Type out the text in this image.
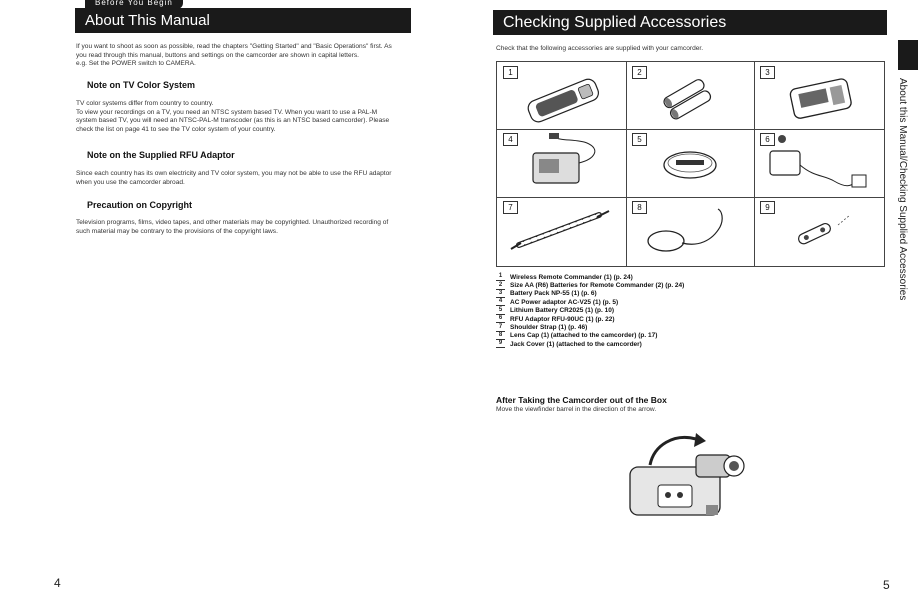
About This Manual
Before You Begin
If you want to shoot as soon as possible, read the chapters "Getting Started" and "Basic Operations" first. As
you read through this manual, buttons and settings on the camcorder are shown in capital letters.
e.g. Set the POWER switch to CAMERA.
Note on TV Color System
TV color systems differ from country to country.
To view your recordings on a TV, you need an NTSC system based TV. When you want to use a PAL-M
system based TV, you will need an NTSC-PAL-M transcoder (as this is an NTSC based camcorder). Please
check the list on page 41 to see the TV color system of your country.
Note on the Supplied RFU Adaptor
Since each country has its own electricity and TV color system, you may not be able to use the RFU adaptor
when you use the camcorder abroad.
Precaution on Copyright
Television programs, films, video tapes, and other materials may be copyrighted. Unauthorized recording of
such material may be contrary to the provisions of the copyright laws.
4
Checking Supplied Accessories
Check that the following accessories are supplied with your camcorder.
1	2	3
4	5	6
7	8	9
1	Wireless Remote Commander (1) (p. 24)
2	Size AA (R6) Batteries for Remote Commander (2) (p. 24)
3	Battery Pack NP-55 (1) (p. 6)
4	AC Power adaptor AC-V25 (1) (p. 5)
5	Lithium Battery CR2025 (1) (p. 10)
6	RFU Adaptor RFU-90UC (1) (p. 22)
7	Shoulder Strap (1) (p. 46)
8	Lens Cap (1) (attached to the camcorder) (p. 17)
9	Jack Cover (1) (attached to the camcorder)
After Taking the Camcorder out of the Box
Move the viewfinder barrel in the direction of the arrow.
About this Manual/Checking Supplied Accessories
5
